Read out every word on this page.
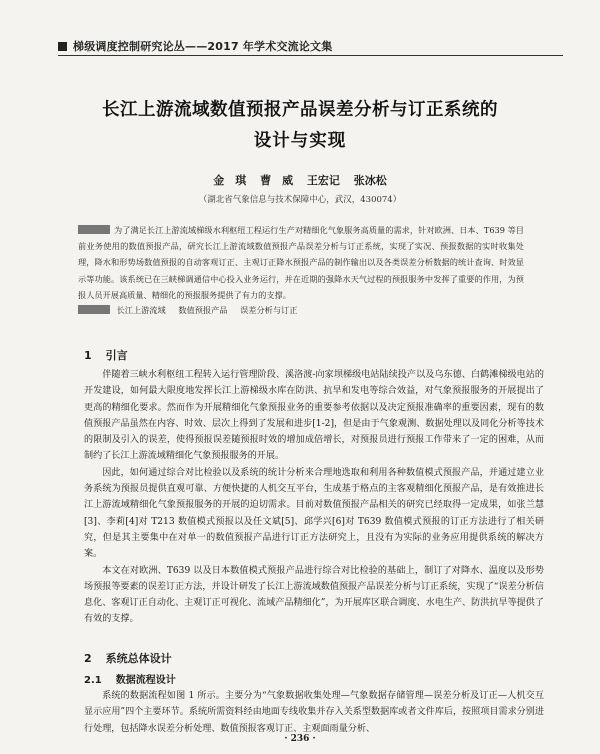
梯级调度控制研究论丛——2017 年学术交流论文集
长江上游流域数值预报产品误差分析与订正系统的
设计与实现
金　琪 曹　威 王宏记 张冰松
（湖北省气象信息与技术保障中心，武汉，430074）
为了满足长江上游流域梯级水利枢纽工程运行生产对精细化气象服务高质量的需求，针对欧洲、日本、T639 等目前业务使用的数值预报产品，研究长江上游流域数值预报产品误差分析与订正系统，实现了实况、预报数据的实时收集处理，降水和形势场数值预报的自动客观订正、主观订正降水预报产品的制作输出以及各类误差分析数据的统计查询、时效显示等功能。该系统已在三峡梯调通信中心投入业务运行，并在近期的强降水天气过程的预报服务中发挥了重要的作用，为预报人员开展高质量、精细化的预报服务提供了有力的支撑。
长江上游流域 数值预报产品 误差分析与订正
1 引言

伴随着三峡水利枢纽工程转入运行管理阶段、溪洛渡-向家坝梯级电站陆续投产以及乌东德、白鹤滩梯级电站的开发建设，如何最大限度地发挥长江上游梯级水库在防洪、抗旱和发电等综合效益，对气象预报服务的开展提出了更高的精细化要求。然而作为开展精细化气象预报业务的重要参考依据以及决定预报准确率的重要因素，现有的数值预报产品虽然在内容、时效、层次上得到了发展和进步[1-2]，但是由于气象观测、数据处理以及同化分析等技术的限制及引入的误差，使得预报误差随预报时效的增加成倍增长，对预报员进行预报工作带来了一定的困难，从而制约了长江上游流域精细化气象预报服务的开展。

因此，如何通过综合对比检验以及系统的统计分析来合理地选取和利用各种数值模式预报产品，并通过建立业务系统为预报员提供直观可靠、方便快捷的人机交互平台，生成基于格点的主客观精细化预报产品，是有效推进长江上游流域精细化气象预报服务的开展的迫切需求。目前对数值预报产品相关的研究已经取得一定成果，如张兰慧[3]、李莉[4]对 T213 数值模式预报以及任文斌[5]、邱学兴[6]对 T639 数值模式预报的订正方法进行了相关研究，但是其主要集中在对单一的数值预报产品进行订正方法研究上，且没有为实际的业务应用提供系统的解决方案。

本文在对欧洲、T639 以及日本数值模式预报产品进行综合对比检验的基础上，制订了对降水、温度以及形势场预报等要素的误差订正方法，并设计研发了长江上游流域数值预报产品误差分析与订正系统，实现了“误差分析信息化、客观订正自动化、主观订正可视化、流域产品精细化”，为开展库区联合调度、水电生产、防洪抗旱等提供了有效的支撑。

2 系统总体设计
2.1 数据流程设计

系统的数据流程如图 1 所示。主要分为“气象数据收集处理—气象数据存储管理—误差分析及订正—人机交互显示应用”四个主要环节。系统所需资料经由地面专线收集并存入关系型数据库或者文件库后，按照项目需求分别进行处理，包括降水误差分析处理、数值预报客观订正、主观面雨量分析、

· 236 ·
